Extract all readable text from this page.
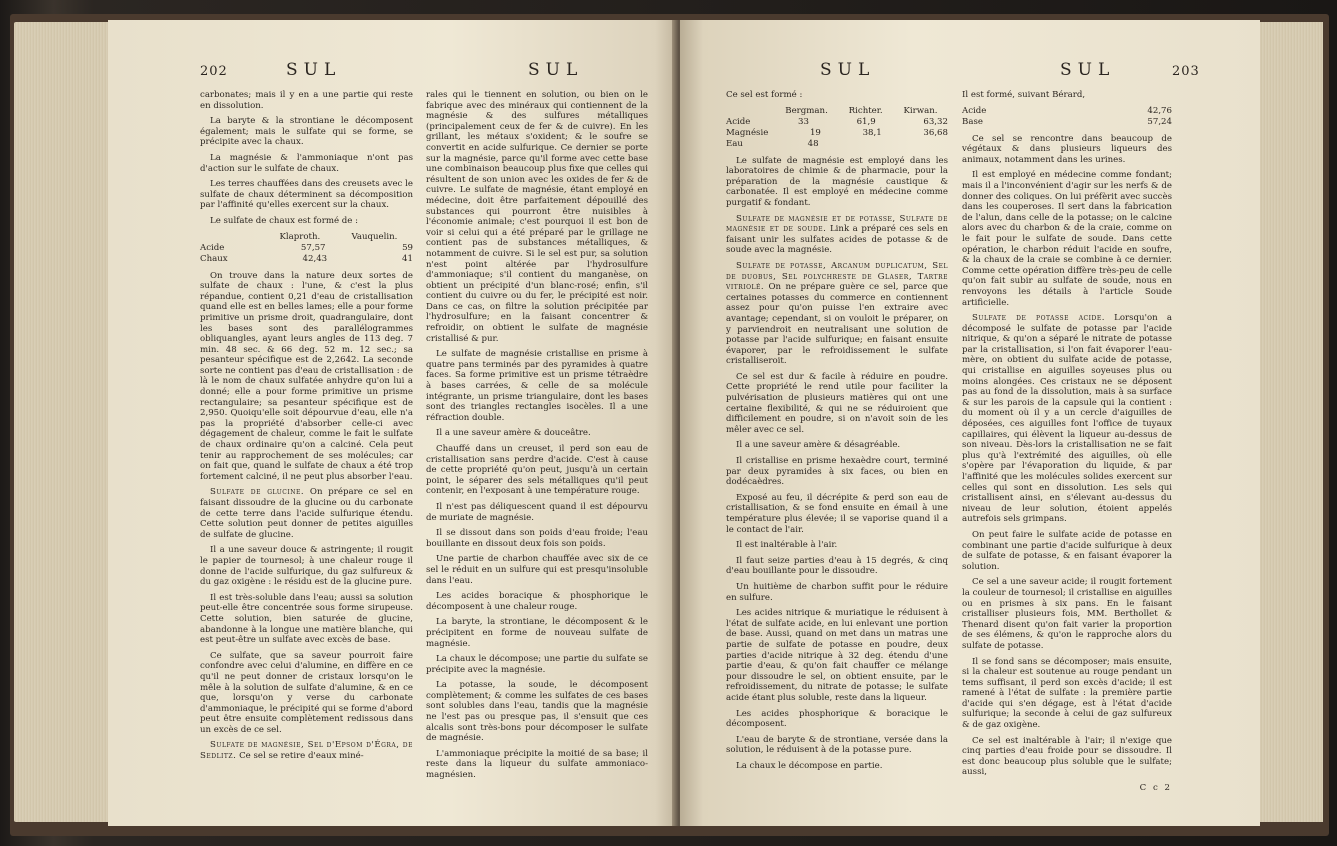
202	SUL	SUL

carbonates; mais il y en a une partie qui reste en dissolution.

La baryte & la strontiane le décomposent également; mais le sulfate qui se forme, se précipite avec la chaux.

La magnésie & l'ammoniaque n'ont pas d'action sur le sulfate de chaux.

Les terres chauffées dans des creusets avec le sulfate de chaux déterminent sa décomposition par l'affinité qu'elles exercent sur la chaux.

Le sulfate de chaux est formé de :

Klaproth.	Vauquelin.
Acide	57,57	59
Chaux	42,43	41

On trouve dans la nature deux sortes de sulfate de chaux : l'une, & c'est la plus répandue, contient 0,21 d'eau de cristallisation quand elle est en belles lames; elle a pour forme primitive un prisme droit, quadrangulaire, dont les bases sont des parallélogrammes obliquangles, ayant leurs angles de 113 deg. 7 min. 48 sec. & 66 deg. 52 m. 12 sec.; sa pesanteur spécifique est de 2,2642. La seconde sorte ne contient pas d'eau de cristallisation : de là le nom de chaux sulfatée anhydre qu'on lui a donné; elle a pour forme primitive un prisme rectangulaire; sa pesanteur spécifique est de 2,950. Quoiqu'elle soit dépourvue d'eau, elle n'a pas la propriété d'absorber celle-ci avec dégagement de chaleur, comme le fait le sulfate de chaux ordinaire qu'on a calciné. Cela peut tenir au rapprochement de ses molécules; car on fait que, quand le sulfate de chaux a été trop fortement calciné, il ne peut plus absorber l'eau.

Sulfate de glucine. On prépare ce sel en faisant dissoudre de la glucine ou du carbonate de cette terre dans l'acide sulfurique étendu. Cette solution peut donner de petites aiguilles de sulfate de glucine.

Il a une saveur douce & astringente; il rougit le papier de tournesol; à une chaleur rouge il donne de l'acide sulfurique, du gaz sulfureux & du gaz oxigène : le résidu est de la glucine pure.

Il est très-soluble dans l'eau; aussi sa solution peut-elle être concentrée sous forme sirupeuse. Cette solution, bien saturée de glucine, abandonne à la longue une matière blanche, qui est peut-être un sulfate avec excès de base.

Ce sulfate, que sa saveur pourroit faire confondre avec celui d'alumine, en diffère en ce qu'il ne peut donner de cristaux lorsqu'on le mêle à la solution de sulfate d'alumine, & en ce que, lorsqu'on y verse du carbonate d'ammoniaque, le précipité qui se forme d'abord peut être ensuite complètement redissous dans un excès de ce sel.

Sulfate de magnésie, Sel d'Epsom d'Égra, de Sedlitz. Ce sel se retire d'eaux miné-

rales qui le tiennent en solution, ou bien on le fabrique avec des minéraux qui contiennent de la magnésie & des sulfures métalliques (principalement ceux de fer & de cuivre). En les grillant, les métaux s'oxident; & le soufre se convertit en acide sulfurique. Ce dernier se porte sur la magnésie, parce qu'il forme avec cette base une combinaison beaucoup plus fixe que celles qui résultent de son union avec les oxides de fer & de cuivre. Le sulfate de magnésie, étant employé en médecine, doit être parfaitement dépouillé des substances qui pourront être nuisibles à l'économie animale; c'est pourquoi il est bon de voir si celui qui a été préparé par le grillage ne contient pas de substances métalliques, & notamment de cuivre. Si le sel est pur, sa solution n'est point altérée par l'hydrosulfure d'ammoniaque; s'il contient du manganèse, on obtient un précipité d'un blanc-rosé; enfin, s'il contient du cuivre ou du fer, le précipité est noir. Dans ce cas, on filtre la solution précipitée par l'hydrosulfure; en la faisant concentrer & refroidir, on obtient le sulfate de magnésie cristallisé & pur.

Le sulfate de magnésie cristallise en prisme à quatre pans terminés par des pyramides à quatre faces. Sa forme primitive est un prisme tétraèdre à bases carrées, & celle de sa molécule intégrante, un prisme triangulaire, dont les bases sont des triangles rectangles isocèles. Il a une réfraction double.

Il a une saveur amère & douceâtre.

Chauffé dans un creuset, il perd son eau de cristallisation sans perdre d'acide. C'est à cause de cette propriété qu'on peut, jusqu'à un certain point, le séparer des sels métalliques qu'il peut contenir, en l'exposant à une température rouge.

Il n'est pas déliquescent quand il est dépourvu de muriate de magnésie.

Il se dissout dans son poids d'eau froide; l'eau bouillante en dissout deux fois son poids.

Une partie de charbon chauffée avec six de ce sel le réduit en un sulfure qui est presqu'insoluble dans l'eau.

Les acides boracique & phosphorique le décomposent à une chaleur rouge.

La baryte, la strontiane, le décomposent & le précipitent en forme de nouveau sulfate de magnésie.

La chaux le décompose; une partie du sulfate se précipite avec la magnésie.

La potasse, la soude, le décomposent complètement; & comme les sulfates de ces bases sont solubles dans l'eau, tandis que la magnésie ne l'est pas ou presque pas, il s'ensuit que ces alcalis sont très-bons pour décomposer le sulfate de magnésie.

L'ammoniaque précipite la moitié de sa base; il reste dans la liqueur du sulfate ammoniaco-magnésien.

SUL	SUL	203

Ce sel est formé :

Bergman. Richter. Kirwan.
Acide	33	61,9	63,32
Magnésie	19	38,1	36,68
Eau	48

Le sulfate de magnésie est employé dans les laboratoires de chimie & de pharmacie, pour la préparation de la magnésie caustique & carbonatée. Il est employé en médecine comme purgatif & fondant.

Sulfate de magnésie et de potasse, Sulfate de magnésie et de soude. Link a préparé ces sels en faisant unir les sulfates acides de potasse & de soude avec la magnésie.

Sulfate de potasse, Arcanum duplicatum, Sel de duobus, Sel polychreste de Glaser, Tartre vitriolé. On ne prépare guère ce sel, parce que certaines potasses du commerce en contiennent assez pour qu'on puisse l'en extraire avec avantage; cependant, si on vouloit le préparer, on y parviendroit en neutralisant une solution de potasse par l'acide sulfurique; en faisant ensuite évaporer, par le refroidissement le sulfate cristalliseroit.

Ce sel est dur & facile à réduire en poudre. Cette propriété le rend utile pour faciliter la pulvérisation de plusieurs matières qui ont une certaine flexibilité, & qui ne se réduiroient que difficilement en poudre, si on n'avoit soin de les mêler avec ce sel.

Il a une saveur amère & désagréable.

Il cristallise en prisme hexaèdre court, terminé par deux pyramides à six faces, ou bien en dodécaèdres.

Exposé au feu, il décrépite & perd son eau de cristallisation, & se fond ensuite en émail à une température plus élevée; il se vaporise quand il a le contact de l'air.

Il est inaltérable à l'air.

Il faut seize parties d'eau à 15 degrés, & cinq d'eau bouillante pour le dissoudre.

Un huitième de charbon suffit pour le réduire en sulfure.

Les acides nitrique & muriatique le réduisent à l'état de sulfate acide, en lui enlevant une portion de base. Aussi, quand on met dans un matras une partie de sulfate de potasse en poudre, deux parties d'acide nitrique à 32 deg. étendu d'une partie d'eau, & qu'on fait chauffer ce mélange pour dissoudre le sel, on obtient ensuite, par le refroidissement, du nitrate de potasse; le sulfate acide étant plus soluble, reste dans la liqueur.

Les acides phosphorique & boracique le décomposent.

L'eau de baryte & de strontiane, versée dans la solution, le réduisent à de la potasse pure.

La chaux le décompose en partie.

Il est formé, suivant Bérard,

Acide	42,76
Base	57,24

Ce sel se rencontre dans beaucoup de végétaux & dans plusieurs liqueurs des animaux, notamment dans les urines.

Il est employé en médecine comme fondant; mais il a l'inconvénient d'agir sur les nerfs & de donner des coliques. On lui préfèrit avec succès dans les couperoses. Il sert dans la fabrication de l'alun, dans celle de la potasse; on le calcine alors avec du charbon & de la craie, comme on le fait pour le sulfate de soude. Dans cette opération, le charbon réduit l'acide en soufre, & la chaux de la craie se combine à ce dernier. Comme cette opération diffère très-peu de celle qu'on fait subir au sulfate de soude, nous en renvoyons les détails à l'article Soude artificielle.

Sulfate de potasse acide. Lorsqu'on a décomposé le sulfate de potasse par l'acide nitrique, & qu'on a séparé le nitrate de potasse par la cristallisation, si l'on fait évaporer l'eau-mère, on obtient du sulfate acide de potasse, qui cristallise en aiguilles soyeuses plus ou moins alongées. Ces cristaux ne se déposent pas au fond de la dissolution, mais à sa surface & sur les parois de la capsule qui la contient : du moment où il y a un cercle d'aiguilles de déposées, ces aiguilles font l'office de tuyaux capillaires, qui élèvent la liqueur au-dessus de son niveau. Dès-lors la cristallisation ne se fait plus qu'à l'extrémité des aiguilles, où elle s'opère par l'évaporation du liquide, & par l'affinité que les molécules solides exercent sur celles qui sont en dissolution. Les sels qui cristallisent ainsi, en s'élevant au-dessus du niveau de leur solution, étoient appelés autrefois sels grimpans.

On peut faire le sulfate acide de potasse en combinant une partie d'acide sulfurique à deux de sulfate de potasse, & en faisant évaporer la solution.

Ce sel a une saveur acide; il rougit fortement la couleur de tournesol; il cristallise en aiguilles ou en prismes à six pans. En le faisant cristalliser plusieurs fois, MM. Berthollet & Thenard disent qu'on fait varier la proportion de ses élémens, & qu'on le rapproche alors du sulfate de potasse.

Il se fond sans se décomposer; mais ensuite, si la chaleur est soutenue au rouge pendant un tems suffisant, il perd son excès d'acide; il est ramené à l'état de sulfate : la première partie d'acide qui s'en dégage, est à l'état d'acide sulfurique; la seconde à celui de gaz sulfureux & de gaz oxigène.

Ce sel est inaltérable à l'air; il n'exige que cinq parties d'eau froide pour se dissoudre. Il est donc beaucoup plus soluble que le sulfate; aussi,

C c 2
